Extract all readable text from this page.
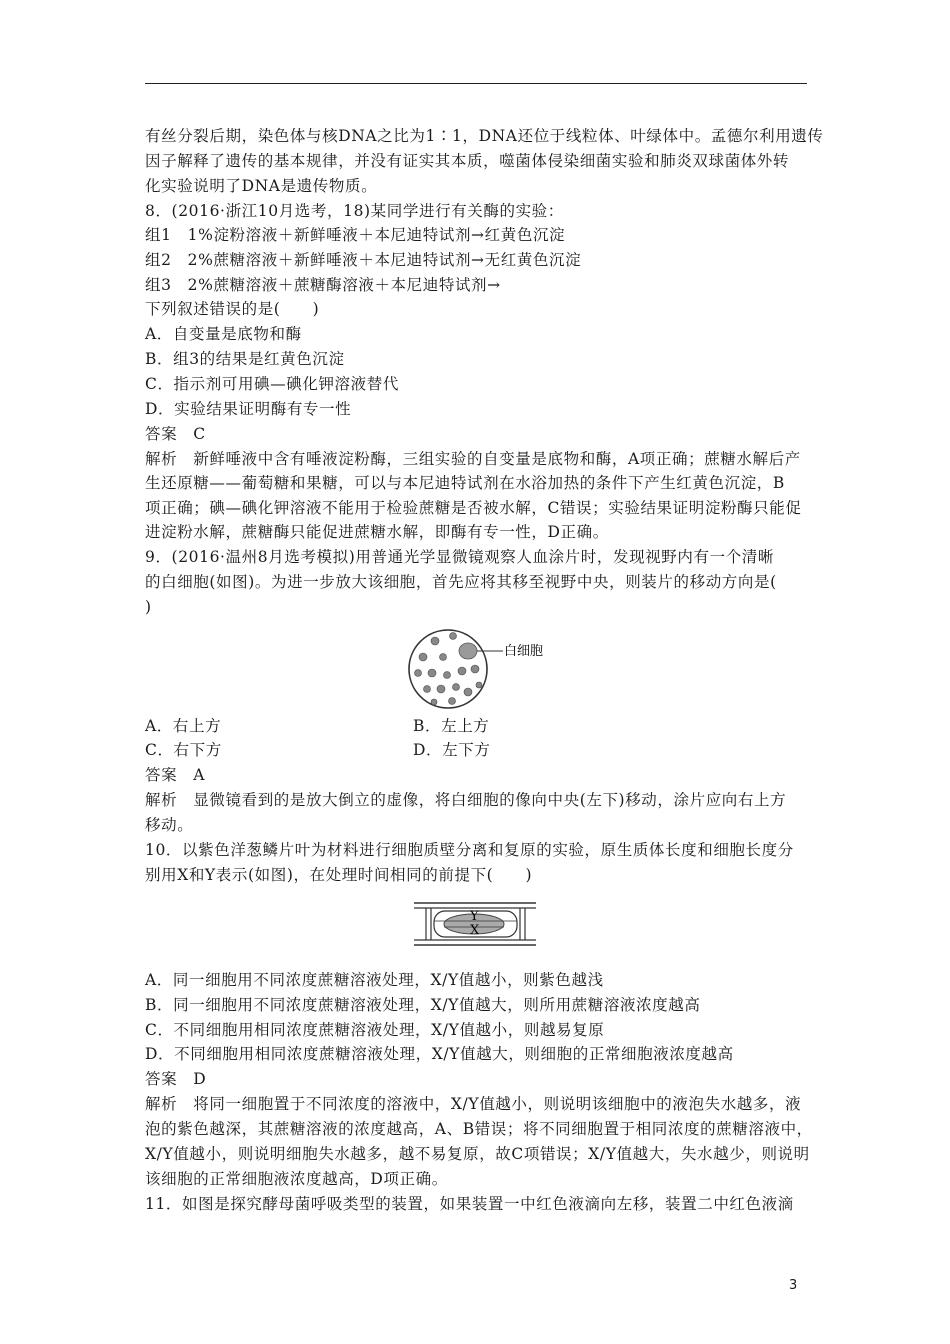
有丝分裂后期，染色体与核DNA之比为1∶1，DNA还位于线粒体、叶绿体中。孟德尔利用遗传
因子解释了遗传的基本规律，并没有证实其本质，噬菌体侵染细菌实验和肺炎双球菌体外转
化实验说明了DNA是遗传物质。
8．(2016·浙江10月选考，18)某同学进行有关酶的实验：
组1　1%淀粉溶液＋新鲜唾液＋本尼迪特试剂→红黄色沉淀
组2　2%蔗糖溶液＋新鲜唾液＋本尼迪特试剂→无红黄色沉淀
组3　2%蔗糖溶液＋蔗糖酶溶液＋本尼迪特试剂→
下列叙述错误的是(　　)
A．自变量是底物和酶
B．组3的结果是红黄色沉淀
C．指示剂可用碘—碘化钾溶液替代
D．实验结果证明酶有专一性
答案　C
解析　新鲜唾液中含有唾液淀粉酶，三组实验的自变量是底物和酶，A项正确；蔗糖水解后产
生还原糖——葡萄糖和果糖，可以与本尼迪特试剂在水浴加热的条件下产生红黄色沉淀，B
项正确；碘—碘化钾溶液不能用于检验蔗糖是否被水解，C错误；实验结果证明淀粉酶只能促
进淀粉水解，蔗糖酶只能促进蔗糖水解，即酶有专一性，D正确。
9．(2016·温州8月选考模拟)用普通光学显微镜观察人血涂片时，发现视野内有一个清晰
的白细胞(如图)。为进一步放大该细胞，首先应将其移至视野中央，则装片的移动方向是(
)
白细胞
A．右上方	B．左上方
C．右下方	D．左下方
答案　A
解析　显微镜看到的是放大倒立的虚像，将白细胞的像向中央(左下)移动，涂片应向右上方
移动。
10．以紫色洋葱鳞片叶为材料进行细胞质壁分离和复原的实验，原生质体长度和细胞长度分
别用X和Y表示(如图)，在处理时间相同的前提下(　　)
Y
X
A．同一细胞用不同浓度蔗糖溶液处理，X/Y值越小，则紫色越浅
B．同一细胞用不同浓度蔗糖溶液处理，X/Y值越大，则所用蔗糖溶液浓度越高
C．不同细胞用相同浓度蔗糖溶液处理，X/Y值越小，则越易复原
D．不同细胞用相同浓度蔗糖溶液处理，X/Y值越大，则细胞的正常细胞液浓度越高
答案　D
解析　将同一细胞置于不同浓度的溶液中，X/Y值越小，则说明该细胞中的液泡失水越多，液
泡的紫色越深，其蔗糖溶液的浓度越高，A、B错误；将不同细胞置于相同浓度的蔗糖溶液中，
X/Y值越小，则说明细胞失水越多，越不易复原，故C项错误；X/Y值越大，失水越少，则说明
该细胞的正常细胞液浓度越高，D项正确。
11．如图是探究酵母菌呼吸类型的装置，如果装置一中红色液滴向左移，装置二中红色液滴
3
